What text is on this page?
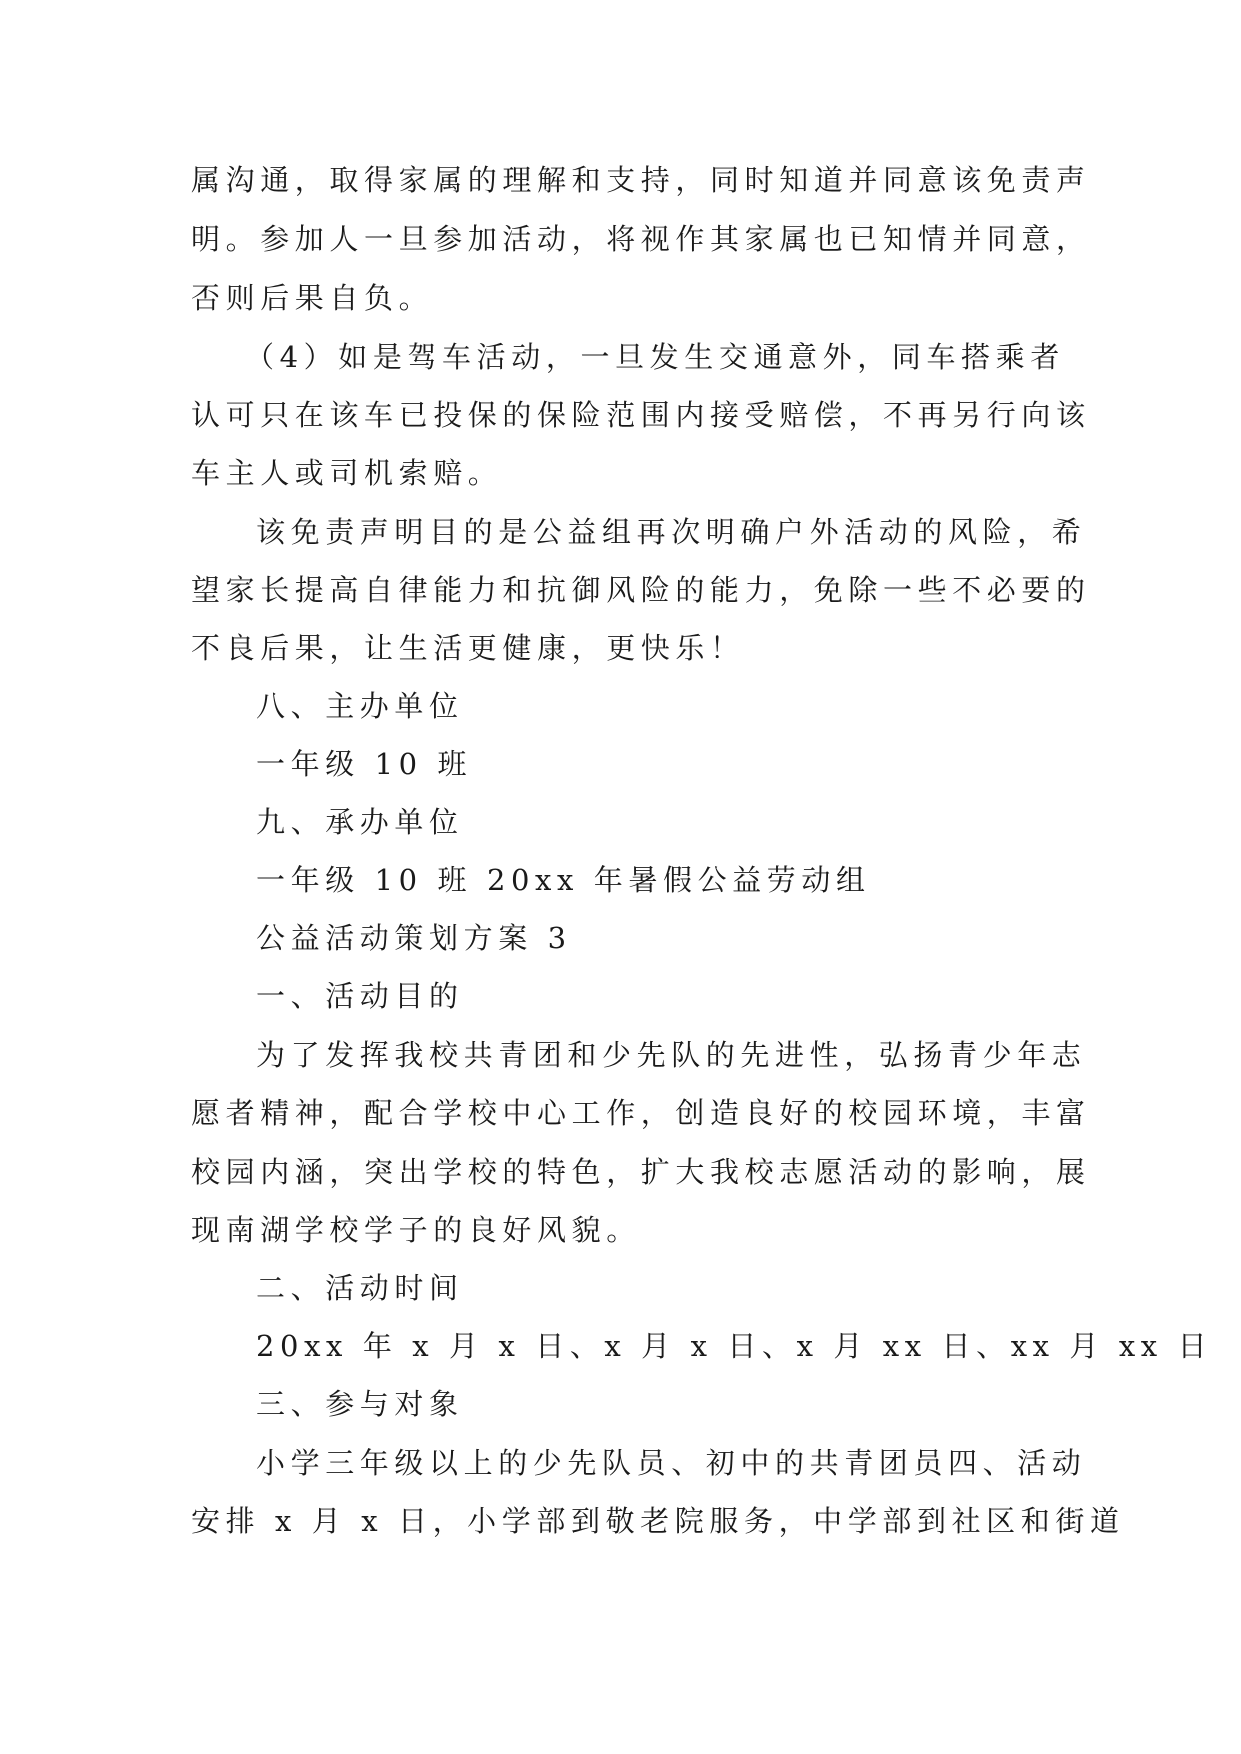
属沟通，取得家属的理解和支持，同时知道并同意该免责声
明。参加人一旦参加活动，将视作其家属也已知情并同意，
否则后果自负。
（4）如是驾车活动，一旦发生交通意外，同车搭乘者
认可只在该车已投保的保险范围内接受赔偿，不再另行向该
车主人或司机索赔。
该免责声明目的是公益组再次明确户外活动的风险，希
望家长提高自律能力和抗御风险的能力，免除一些不必要的
不良后果，让生活更健康，更快乐！
八、主办单位
一年级 10 班
九、承办单位
一年级 10 班 20xx 年暑假公益劳动组
公益活动策划方案 3
一、活动目的
为了发挥我校共青团和少先队的先进性，弘扬青少年志
愿者精神，配合学校中心工作，创造良好的校园环境，丰富
校园内涵，突出学校的特色，扩大我校志愿活动的影响，展
现南湖学校学子的良好风貌。
二、活动时间
20xx 年 x 月 x 日、x 月 x 日、x 月 xx 日、xx 月 xx 日
三、参与对象
小学三年级以上的少先队员、初中的共青团员四、活动
安排 x 月 x 日，小学部到敬老院服务，中学部到社区和街道
